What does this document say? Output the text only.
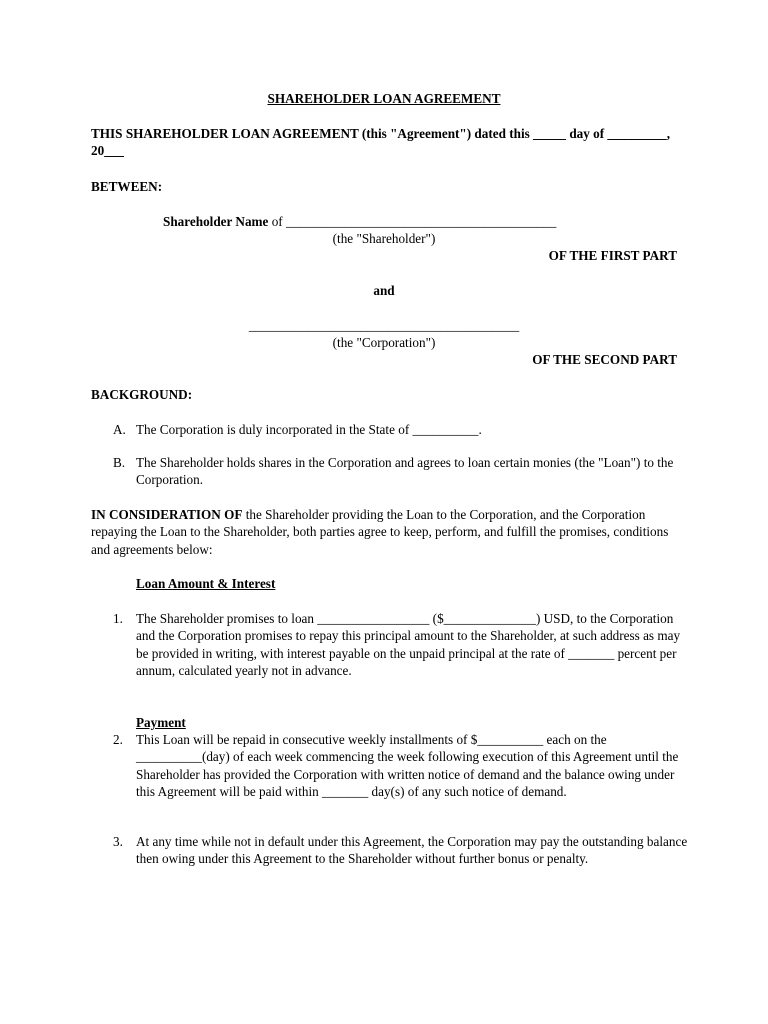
SHAREHOLDER LOAN AGREEMENT
THIS SHAREHOLDER LOAN AGREEMENT (this "Agreement") dated this _____ day of _________, 20___
BETWEEN:
Shareholder Name of _________________________________________
(the "Shareholder")
OF THE FIRST PART
and
_________________________________________
(the "Corporation")
OF THE SECOND PART
BACKGROUND:
A. The Corporation is duly incorporated in the State of __________.
B. The Shareholder holds shares in the Corporation and agrees to loan certain monies (the "Loan") to the Corporation.
IN CONSIDERATION OF the Shareholder providing the Loan to the Corporation, and the Corporation repaying the Loan to the Shareholder, both parties agree to keep, perform, and fulfill the promises, conditions and agreements below:
Loan Amount & Interest
1. The Shareholder promises to loan _________________ ($______________) USD, to the Corporation and the Corporation promises to repay this principal amount to the Shareholder, at such address as may be provided in writing, with interest payable on the unpaid principal at the rate of _______ percent per annum, calculated yearly not in advance.
Payment
2. This Loan will be repaid in consecutive weekly installments of $__________ each on the __________(day) of each week commencing the week following execution of this Agreement until the Shareholder has provided the Corporation with written notice of demand and the balance owing under this Agreement will be paid within _______ day(s) of any such notice of demand.
3. At any time while not in default under this Agreement, the Corporation may pay the outstanding balance then owing under this Agreement to the Shareholder without further bonus or penalty.
